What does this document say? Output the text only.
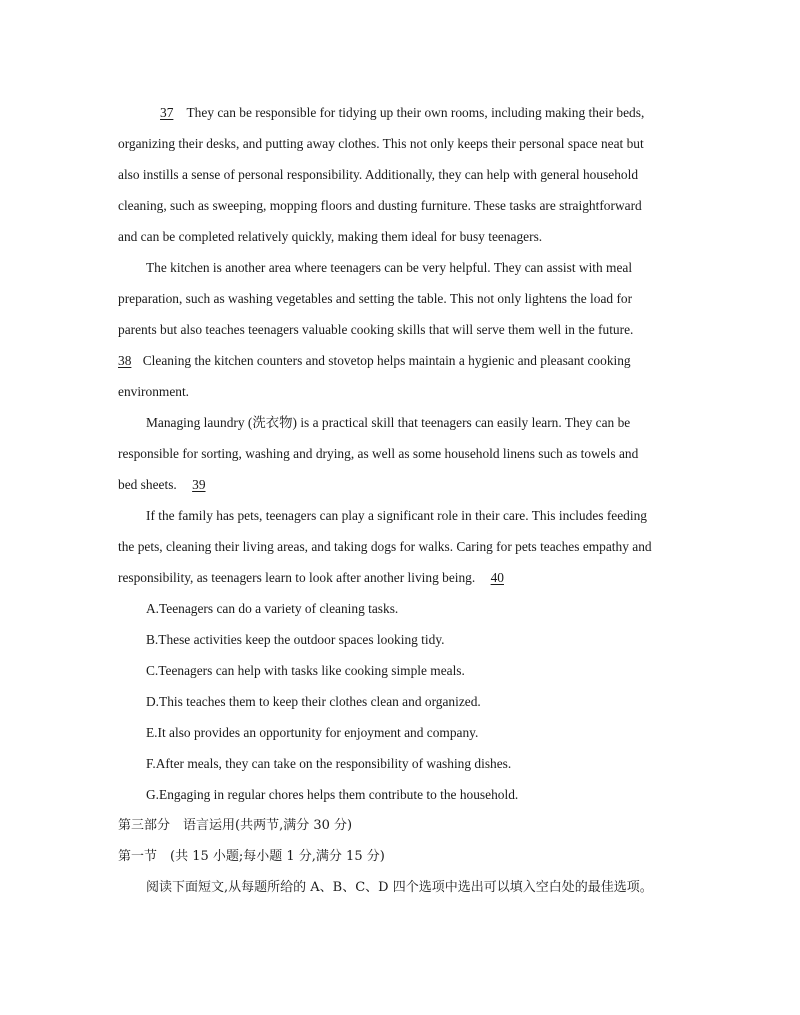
37 They can be responsible for tidying up their own rooms, including making their beds,
organizing their desks, and putting away clothes. This not only keeps their personal space neat but
also instills a sense of personal responsibility. Additionally, they can help with general household
cleaning, such as sweeping, mopping floors and dusting furniture. These tasks are straightforward
and can be completed relatively quickly, making them ideal for busy teenagers.
The kitchen is another area where teenagers can be very helpful. They can assist with meal
preparation, such as washing vegetables and setting the table. This not only lightens the load for
parents but also teaches teenagers valuable cooking skills that will serve them well in the future.
38 Cleaning the kitchen counters and stovetop helps maintain a hygienic and pleasant cooking
environment.
Managing laundry (洗衣物) is a practical skill that teenagers can easily learn. They can be
responsible for sorting, washing and drying, as well as some household linens such as towels and
bed sheets. 39
If the family has pets, teenagers can play a significant role in their care. This includes feeding
the pets, cleaning their living areas, and taking dogs for walks. Caring for pets teaches empathy and
responsibility, as teenagers learn to look after another living being. 40
A.Teenagers can do a variety of cleaning tasks.
B.These activities keep the outdoor spaces looking tidy.
C.Teenagers can help with tasks like cooking simple meals.
D.This teaches them to keep their clothes clean and organized.
E.It also provides an opportunity for enjoyment and company.
F.After meals, they can take on the responsibility of washing dishes.
G.Engaging in regular chores helps them contribute to the household.
第三部分　语言运用(共两节,满分 30 分)
第一节　(共 15 小题;每小题 1 分,满分 15 分)
阅读下面短文,从每题所给的 A、B、C、D 四个选项中选出可以填入空白处的最佳选项。
